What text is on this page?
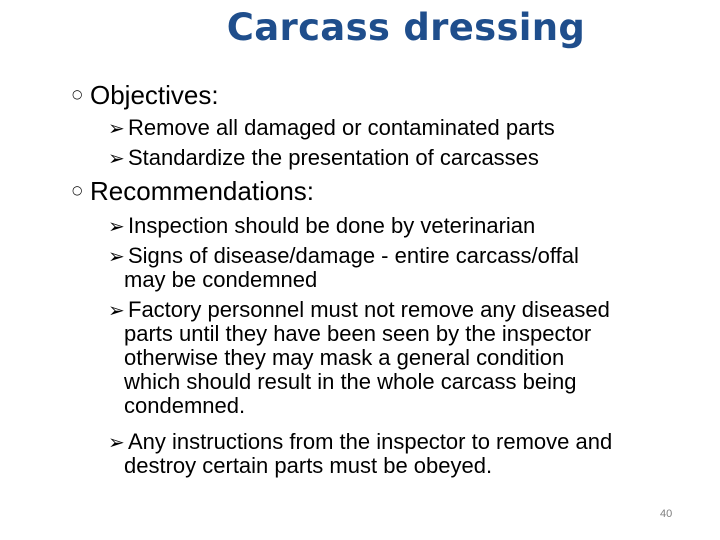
Carcass dressing
○ Objectives:
➢ Remove all damaged or contaminated parts
➢ Standardize the presentation of carcasses
○ Recommendations:
➢ Inspection should be done by veterinarian
➢ Signs of disease/damage - entire carcass/offal
may be condemned
➢ Factory personnel must not remove any diseased
parts until they have been seen by the inspector
otherwise they may mask a general condition
which should result in the whole carcass being
condemned.
➢ Any instructions from the inspector to remove and
destroy certain parts must be obeyed.
40
